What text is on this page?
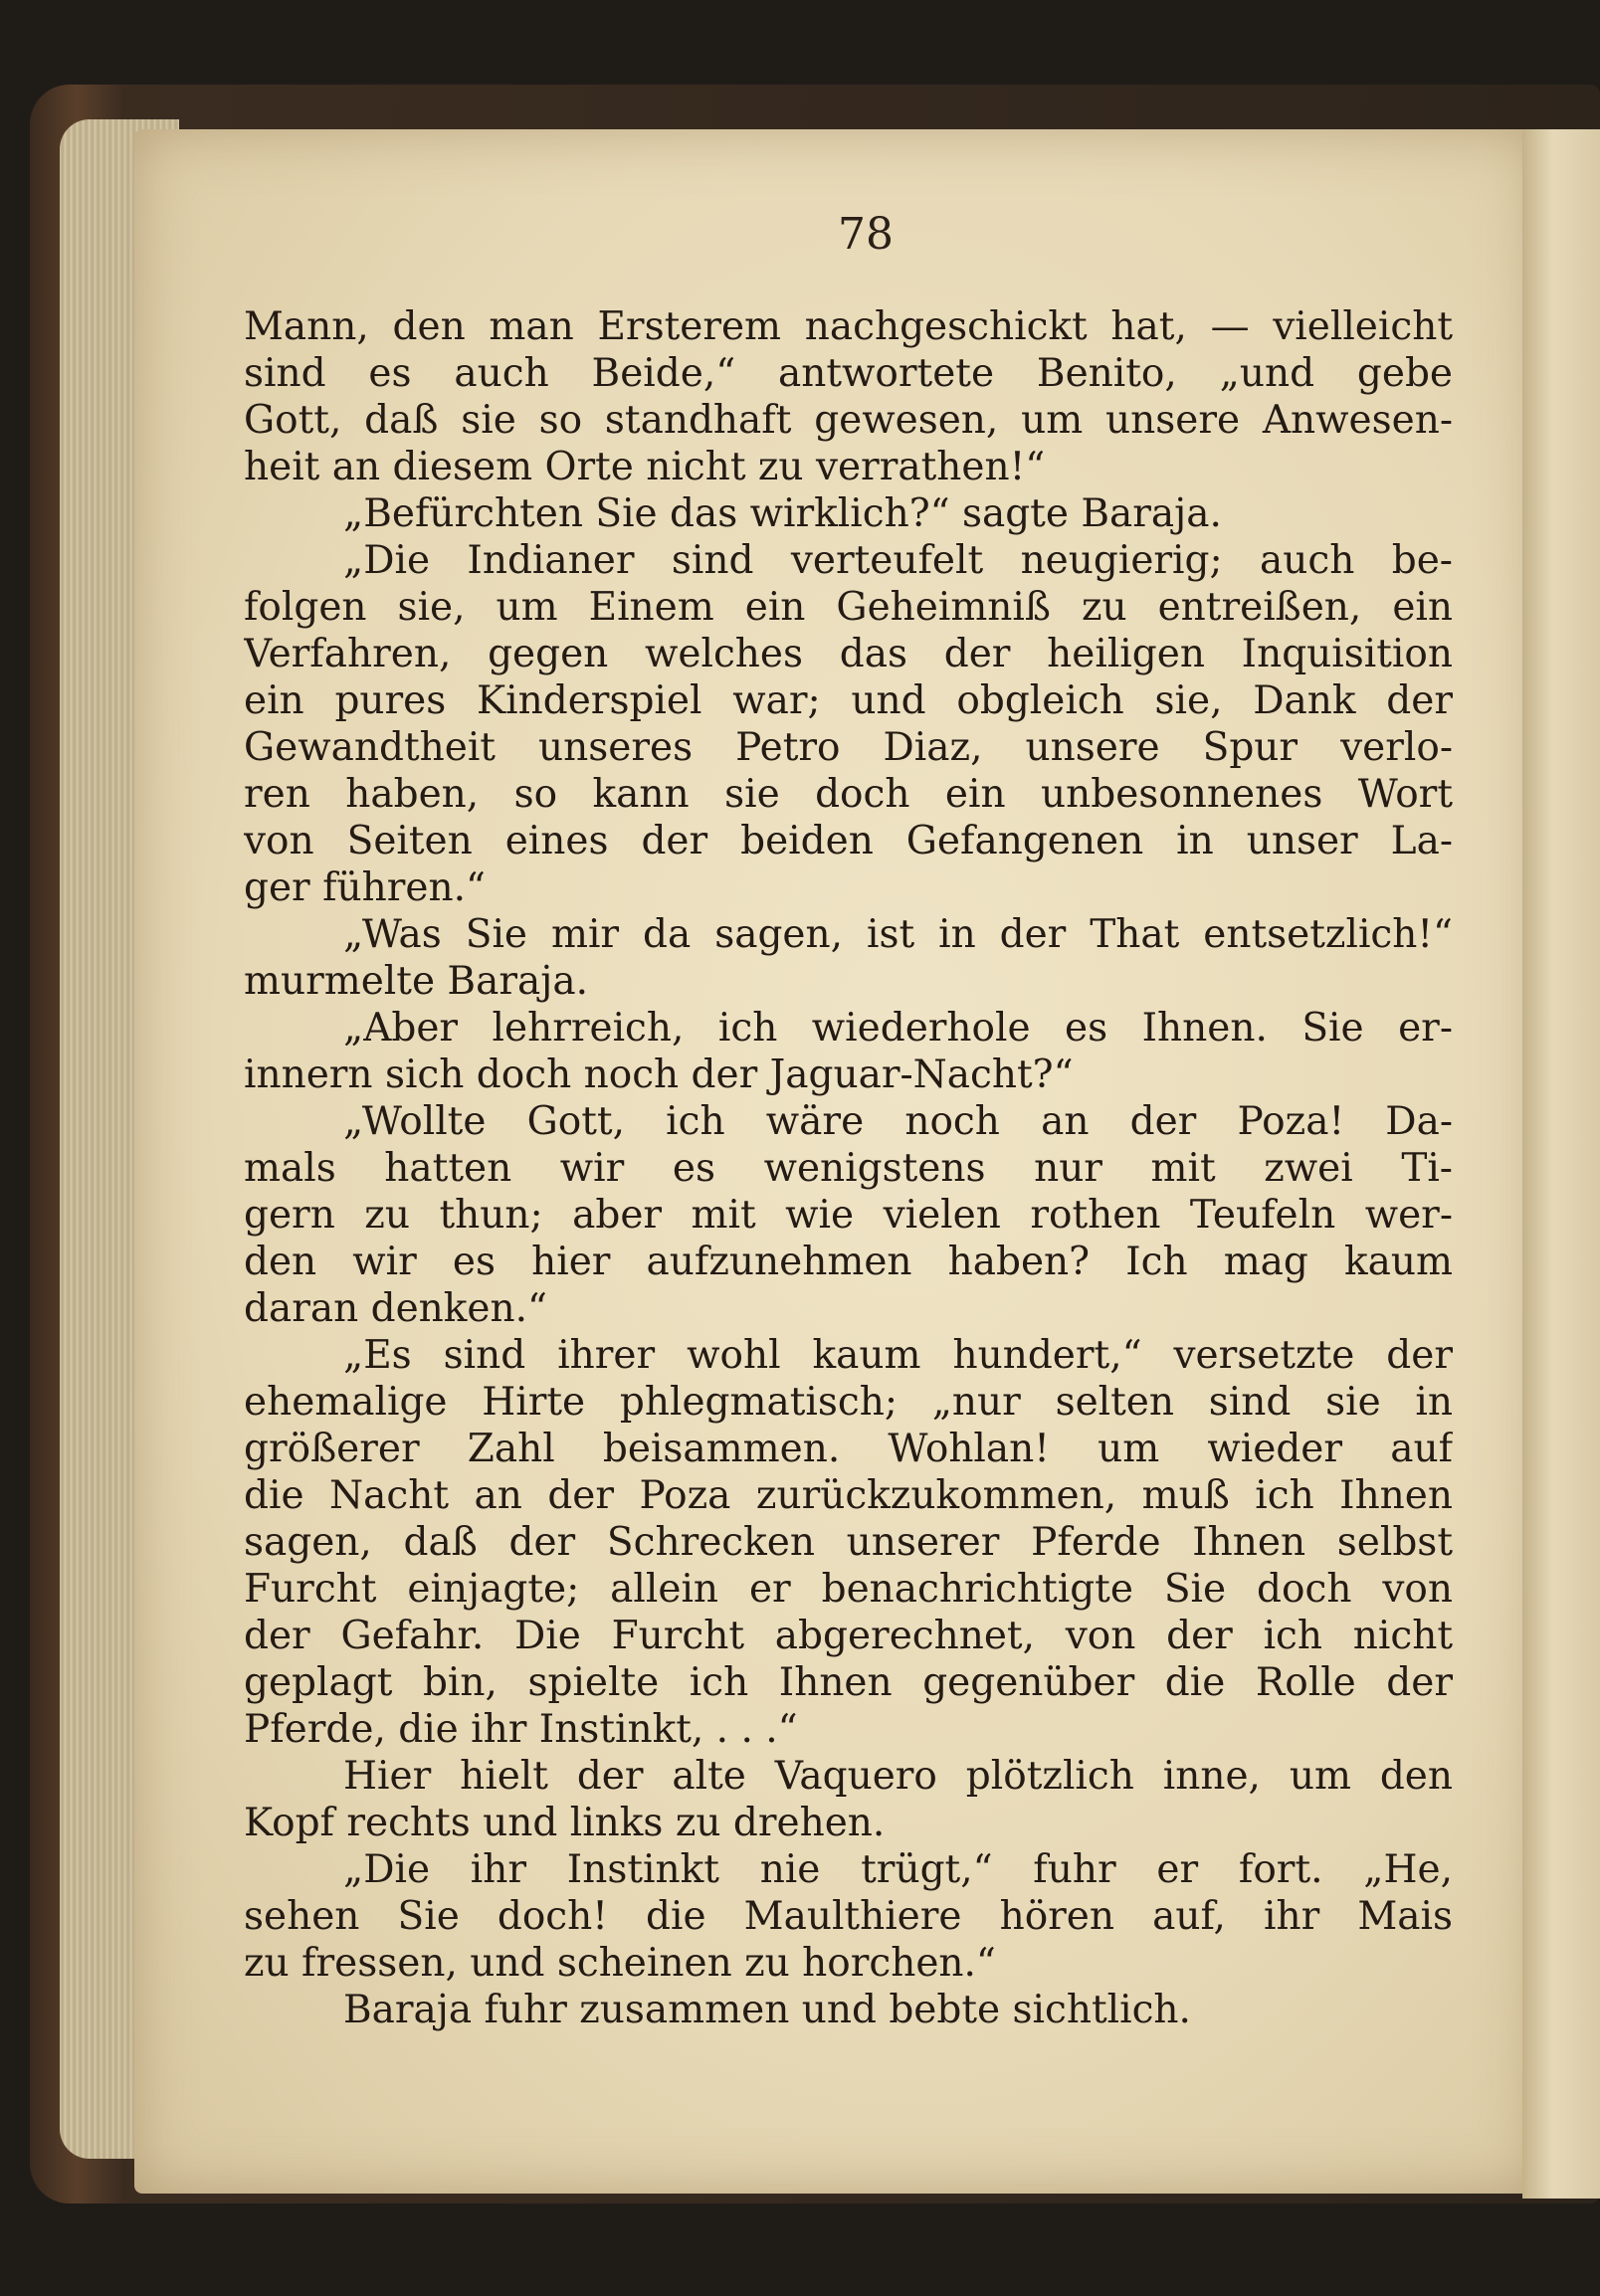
78
Mann, den man Ersterem nachgeschickt hat, — vielleicht
sind es auch Beide,“ antwortete Benito, „und gebe
Gott, daß sie so standhaft gewesen, um unsere Anwesen-
heit an diesem Orte nicht zu verrathen!“
„Befürchten Sie das wirklich?“ sagte Baraja.
„Die Indianer sind verteufelt neugierig; auch be-
folgen sie, um Einem ein Geheimniß zu entreißen, ein
Verfahren, gegen welches das der heiligen Inquisition
ein pures Kinderspiel war; und obgleich sie, Dank der
Gewandtheit unseres Petro Diaz, unsere Spur verlo-
ren haben, so kann sie doch ein unbesonnenes Wort
von Seiten eines der beiden Gefangenen in unser La-
ger führen.“
„Was Sie mir da sagen, ist in der That entsetzlich!“
murmelte Baraja.
„Aber lehrreich, ich wiederhole es Ihnen. Sie er-
innern sich doch noch der Jaguar-Nacht?“
„Wollte Gott, ich wäre noch an der Poza! Da-
mals hatten wir es wenigstens nur mit zwei Ti-
gern zu thun; aber mit wie vielen rothen Teufeln wer-
den wir es hier aufzunehmen haben? Ich mag kaum
daran denken.“
„Es sind ihrer wohl kaum hundert,“ versetzte der
ehemalige Hirte phlegmatisch; „nur selten sind sie in
größerer Zahl beisammen. Wohlan! um wieder auf
die Nacht an der Poza zurückzukommen, muß ich Ihnen
sagen, daß der Schrecken unserer Pferde Ihnen selbst
Furcht einjagte; allein er benachrichtigte Sie doch von
der Gefahr. Die Furcht abgerechnet, von der ich nicht
geplagt bin, spielte ich Ihnen gegenüber die Rolle der
Pferde, die ihr Instinkt, . . .“
Hier hielt der alte Vaquero plötzlich inne, um den
Kopf rechts und links zu drehen.
„Die ihr Instinkt nie trügt,“ fuhr er fort. „He,
sehen Sie doch! die Maulthiere hören auf, ihr Mais
zu fressen, und scheinen zu horchen.“
Baraja fuhr zusammen und bebte sichtlich.
